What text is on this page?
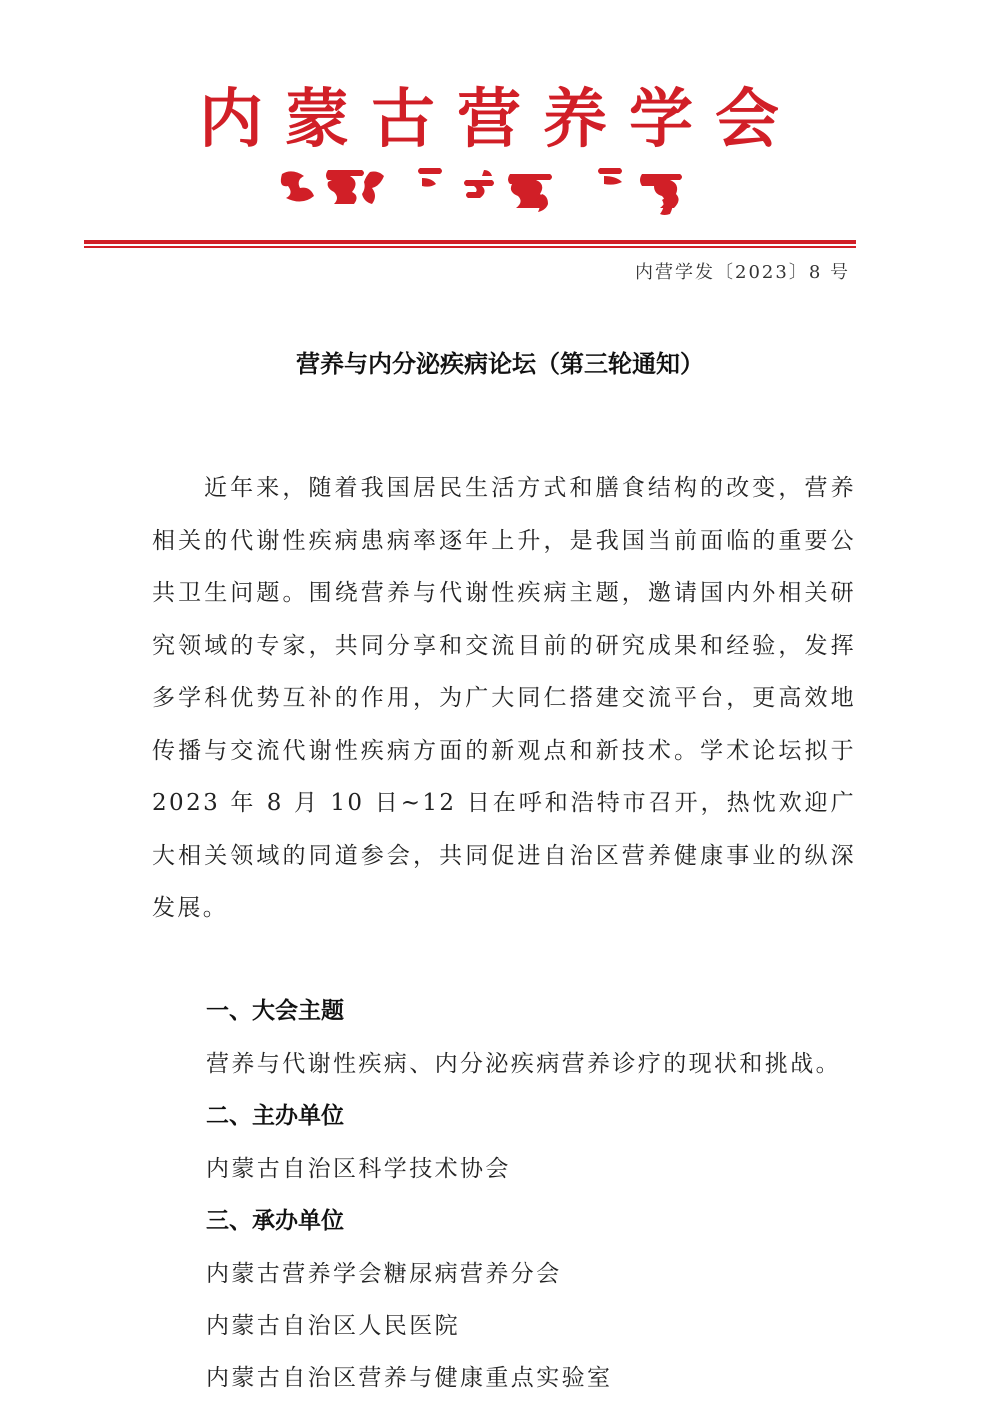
内蒙古营养学会
内营学发〔2023〕8 号
营养与内分泌疾病论坛（第三轮通知）

近年来，随着我国居民生活方式和膳食结构的改变，营养相关的代谢性疾病患病率逐年上升，是我国当前面临的重要公共卫生问题。围绕营养与代谢性疾病主题，邀请国内外相关研究领域的专家，共同分享和交流目前的研究成果和经验，发挥多学科优势互补的作用，为广大同仁搭建交流平台，更高效地传播与交流代谢性疾病方面的新观点和新技术。学术论坛拟于 2023 年 8 月 10 日~12 日在呼和浩特市召开，热忱欢迎广大相关领域的同道参会，共同促进自治区营养健康事业的纵深发展。

一、大会主题
营养与代谢性疾病、内分泌疾病营养诊疗的现状和挑战。
二、主办单位
内蒙古自治区科学技术协会
三、承办单位
内蒙古营养学会糖尿病营养分会
内蒙古自治区人民医院
内蒙古自治区营养与健康重点实验室
